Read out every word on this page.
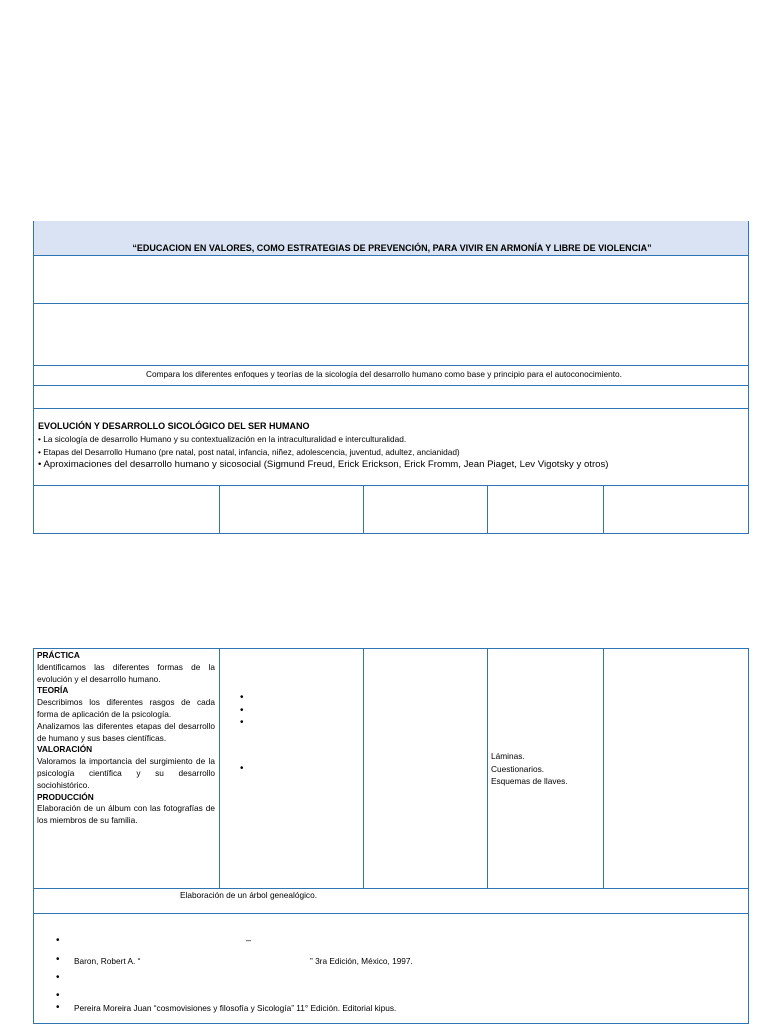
“EDUCACION EN VALORES, COMO ESTRATEGIAS DE PREVENCIÓN, PARA VIVIR EN ARMONÍA Y LIBRE DE VIOLENCIA”
Compara los diferentes enfoques y teorías de la sicología del desarrollo humano como base y principio para el autoconocimiento.
EVOLUCIÓN Y DESARROLLO SICOLÓGICO DEL SER HUMANO
• La sicología de desarrollo Humano y su contextualización en la intraculturalidad e interculturalidad.
• Etapas del Desarrollo Humano (pre natal, post natal, infancia, niñez, adolescencia, juventud, adultez, ancianidad)
• Aproximaciones del desarrollo humano y sicosocial (Sigmund Freud, Erick Erickson, Erick Fromm, Jean Piaget, Lev Vigotsky y otros)
PRÁCTICA
Identificamos las diferentes formas de la evolución y el desarrollo humano.
TEORÍA
Describimos los diferentes rasgos de cada forma de aplicación de la psicología.
Analizamos las diferentes etapas del desarrollo de humano y sus bases científicas.
VALORACIÓN
Valoramos la importancia del surgimiento de la psicología científica y su desarrollo sociohistórico.
PRODUCCIÓN
Elaboración de un álbum con las fotografías de los miembros de su familia.
•
•
•
•
Láminas.
Cuestionarios.
Esquemas de llaves.
Elaboración de un árbol genealógico.
•	–
• Baron, Robert A. “	” 3ra Edición, México, 1997.
•
•
• Pereira Moreira Juan “cosmovisiones y filosofía y Sicología” 11° Edición. Editorial kipus.
